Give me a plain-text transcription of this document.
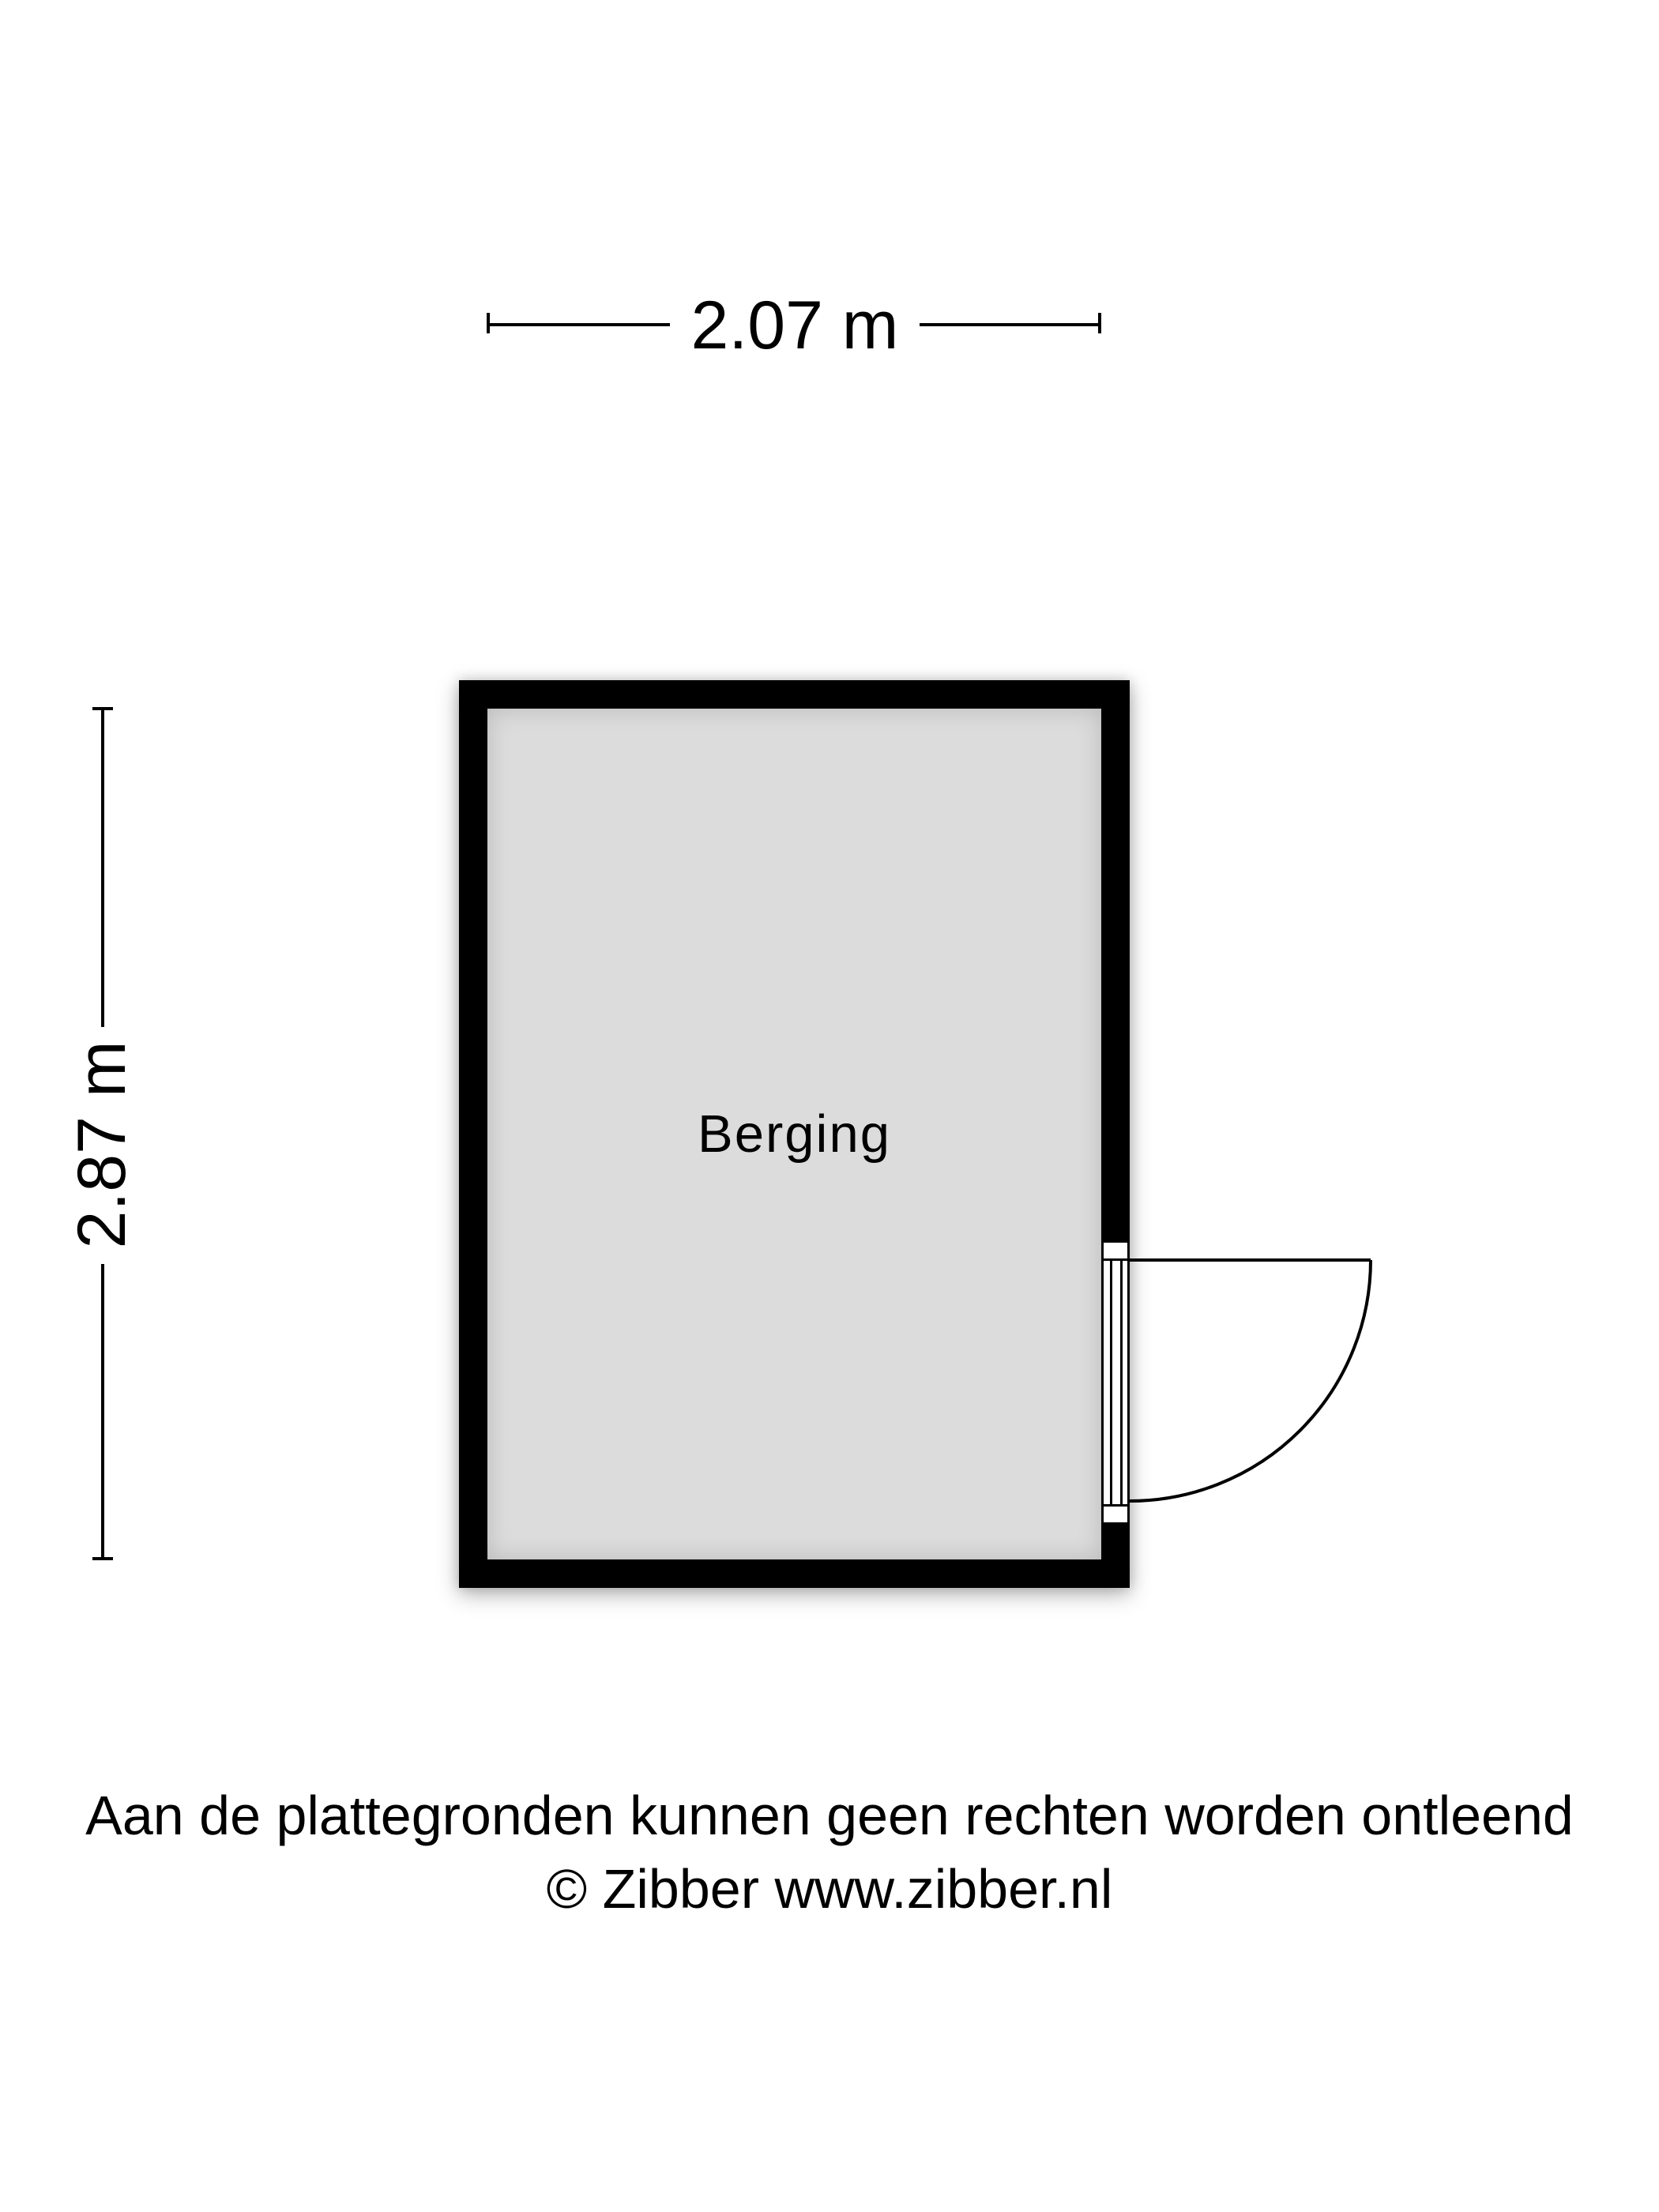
2.07 m
2.87 m	Berging
Aan de plattegronden kunnen geen rechten worden ontleend
© Zibber www.zibber.nl
